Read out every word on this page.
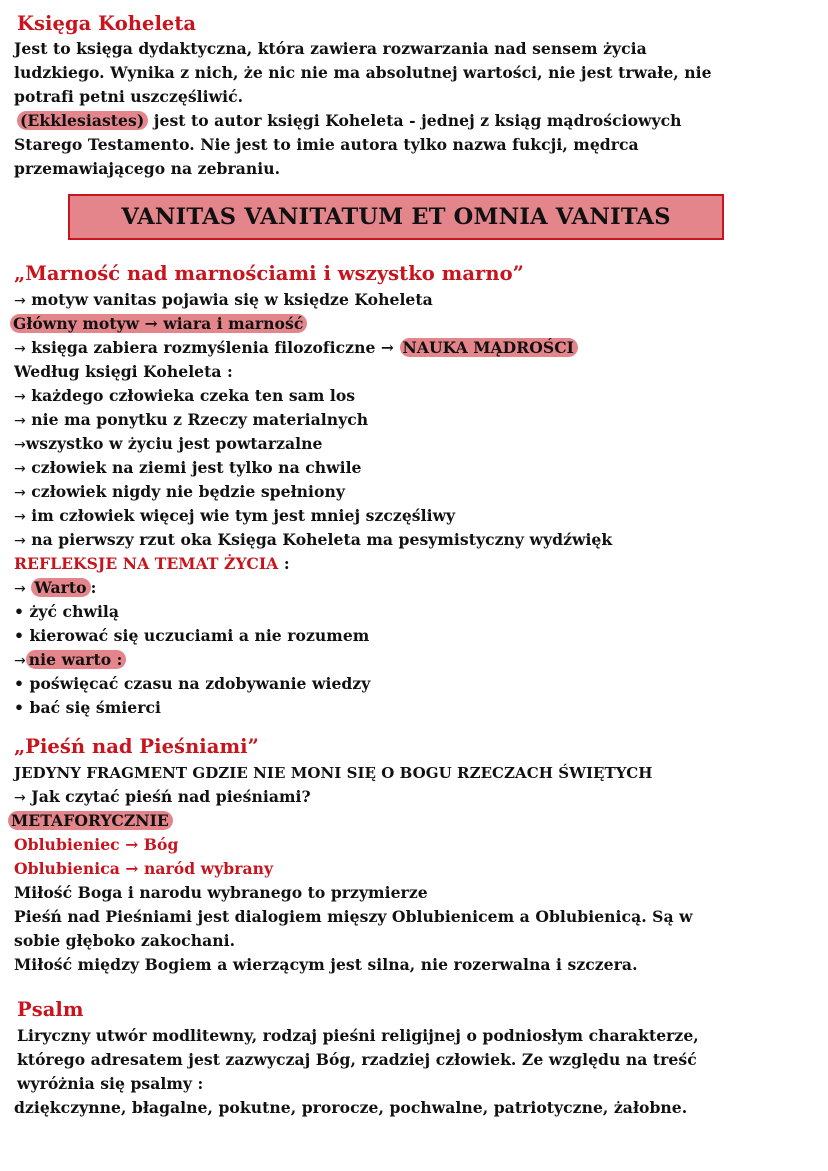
Księga Koheleta
Jest to księga dydaktyczna, która zawiera rozwarzania nad sensem życia
ludzkiego. Wynika z nich, że nic nie ma absolutnej wartości, nie jest trwałe, nie
potrafi petni uszczęśliwić.
(Ekklesiastes) jest to autor księgi Koheleta - jednej z ksiąg mądrościowych
Starego Testamento. Nie jest to imie autora tylko nazwa fukcji, mędrca
przemawiającego na zebraniu.
VANITAS VANITATUM ET OMNIA VANITAS
„Marność nad marnościami i wszystko marno”
→ motyw vanitas pojawia się w księdze Koheleta
Główny motyw → wiara i marność
→ księga zabiera rozmyślenia filozoficzne → NAUKA MĄDROŚCI
Według księgi Koheleta :
→ każdego człowieka czeka ten sam los
→ nie ma ponytku z Rzeczy materialnych
→wszystko w życiu jest powtarzalne
→ człowiek na ziemi jest tylko na chwile
→ człowiek nigdy nie będzie spełniony
→ im człowiek więcej wie tym jest mniej szczęśliwy
→ na pierwszy rzut oka Księga Koheleta ma pesymistyczny wydźwięk
REFLEKSJE NA TEMAT ŻYCIA :
→ Warto :
• żyć chwilą
• kierować się uczuciami a nie rozumem
→ nie warto :
• poświęcać czasu na zdobywanie wiedzy
• bać się śmierci
„Pieśń nad Pieśniami”
JEDYNY FRAGMENT GDZIE NIE MONI SIĘ O BOGU RZECZACH ŚWIĘTYCH
→ Jak czytać pieśń nad pieśniami?
METAFORYCZNIE
Oblubieniec → Bóg
Oblubienica → naród wybrany
Miłość Boga i narodu wybranego to przymierze
Pieśń nad Pieśniami jest dialogiem mięszy Oblubienicem a Oblubienicą. Są w
sobie głęboko zakochani.
Miłość między Bogiem a wierzącym jest silna, nie rozerwalna i szczera.
Psalm
Liryczny utwór modlitewny, rodzaj pieśni religijnej o podniosłym charakterze,
którego adresatem jest zazwyczaj Bóg, rzadziej człowiek. Ze względu na treść
wyróżnia się psalmy :
dziękczynne, błagalne, pokutne, prorocze, pochwalne, patriotyczne, żałobne.
